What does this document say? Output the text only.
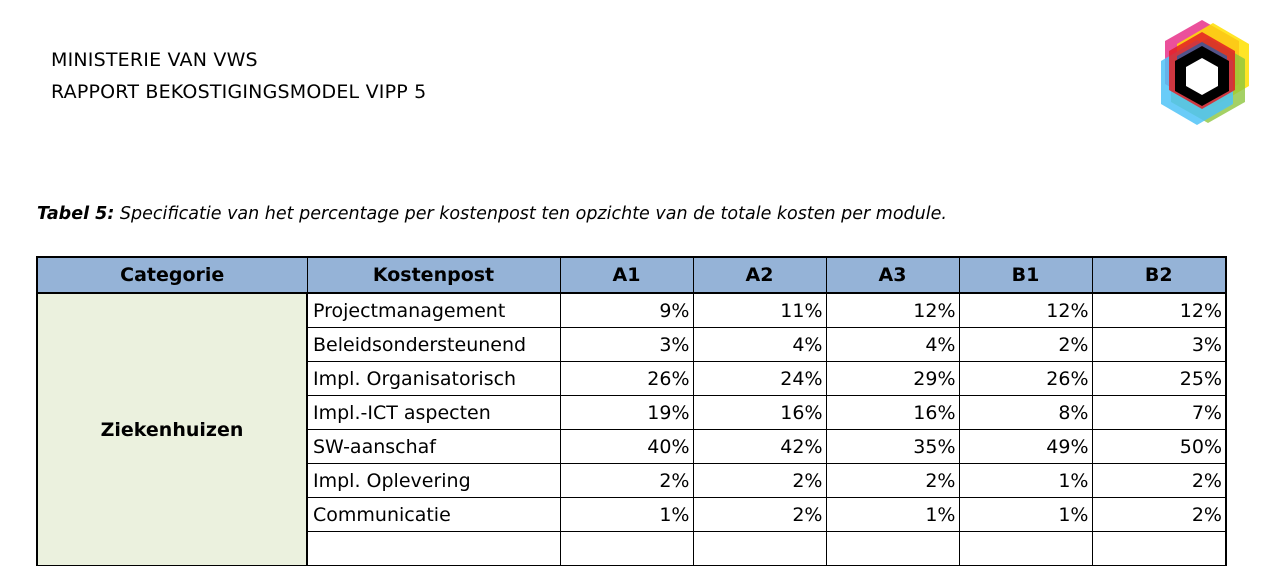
MINISTERIE VAN VWS
RAPPORT BEKOSTIGINGSMODEL VIPP 5
Tabel 5: Specificatie van het percentage per kostenpost ten opzichte van de totale kosten per module.
Categorie	Kostenpost	A1	A2	A3	B1	B2
Ziekenhuizen	Projectmanagement	9%	11%	12%	12%	12%
	Beleidsondersteunend	3%	4%	4%	2%	3%
	Impl. Organisatorisch	26%	24%	29%	26%	25%
	Impl.-ICT aspecten	19%	16%	16%	8%	7%
	SW-aanschaf	40%	42%	35%	49%	50%
	Impl. Oplevering	2%	2%	2%	1%	2%
	Communicatie	1%	2%	1%	1%	2%
